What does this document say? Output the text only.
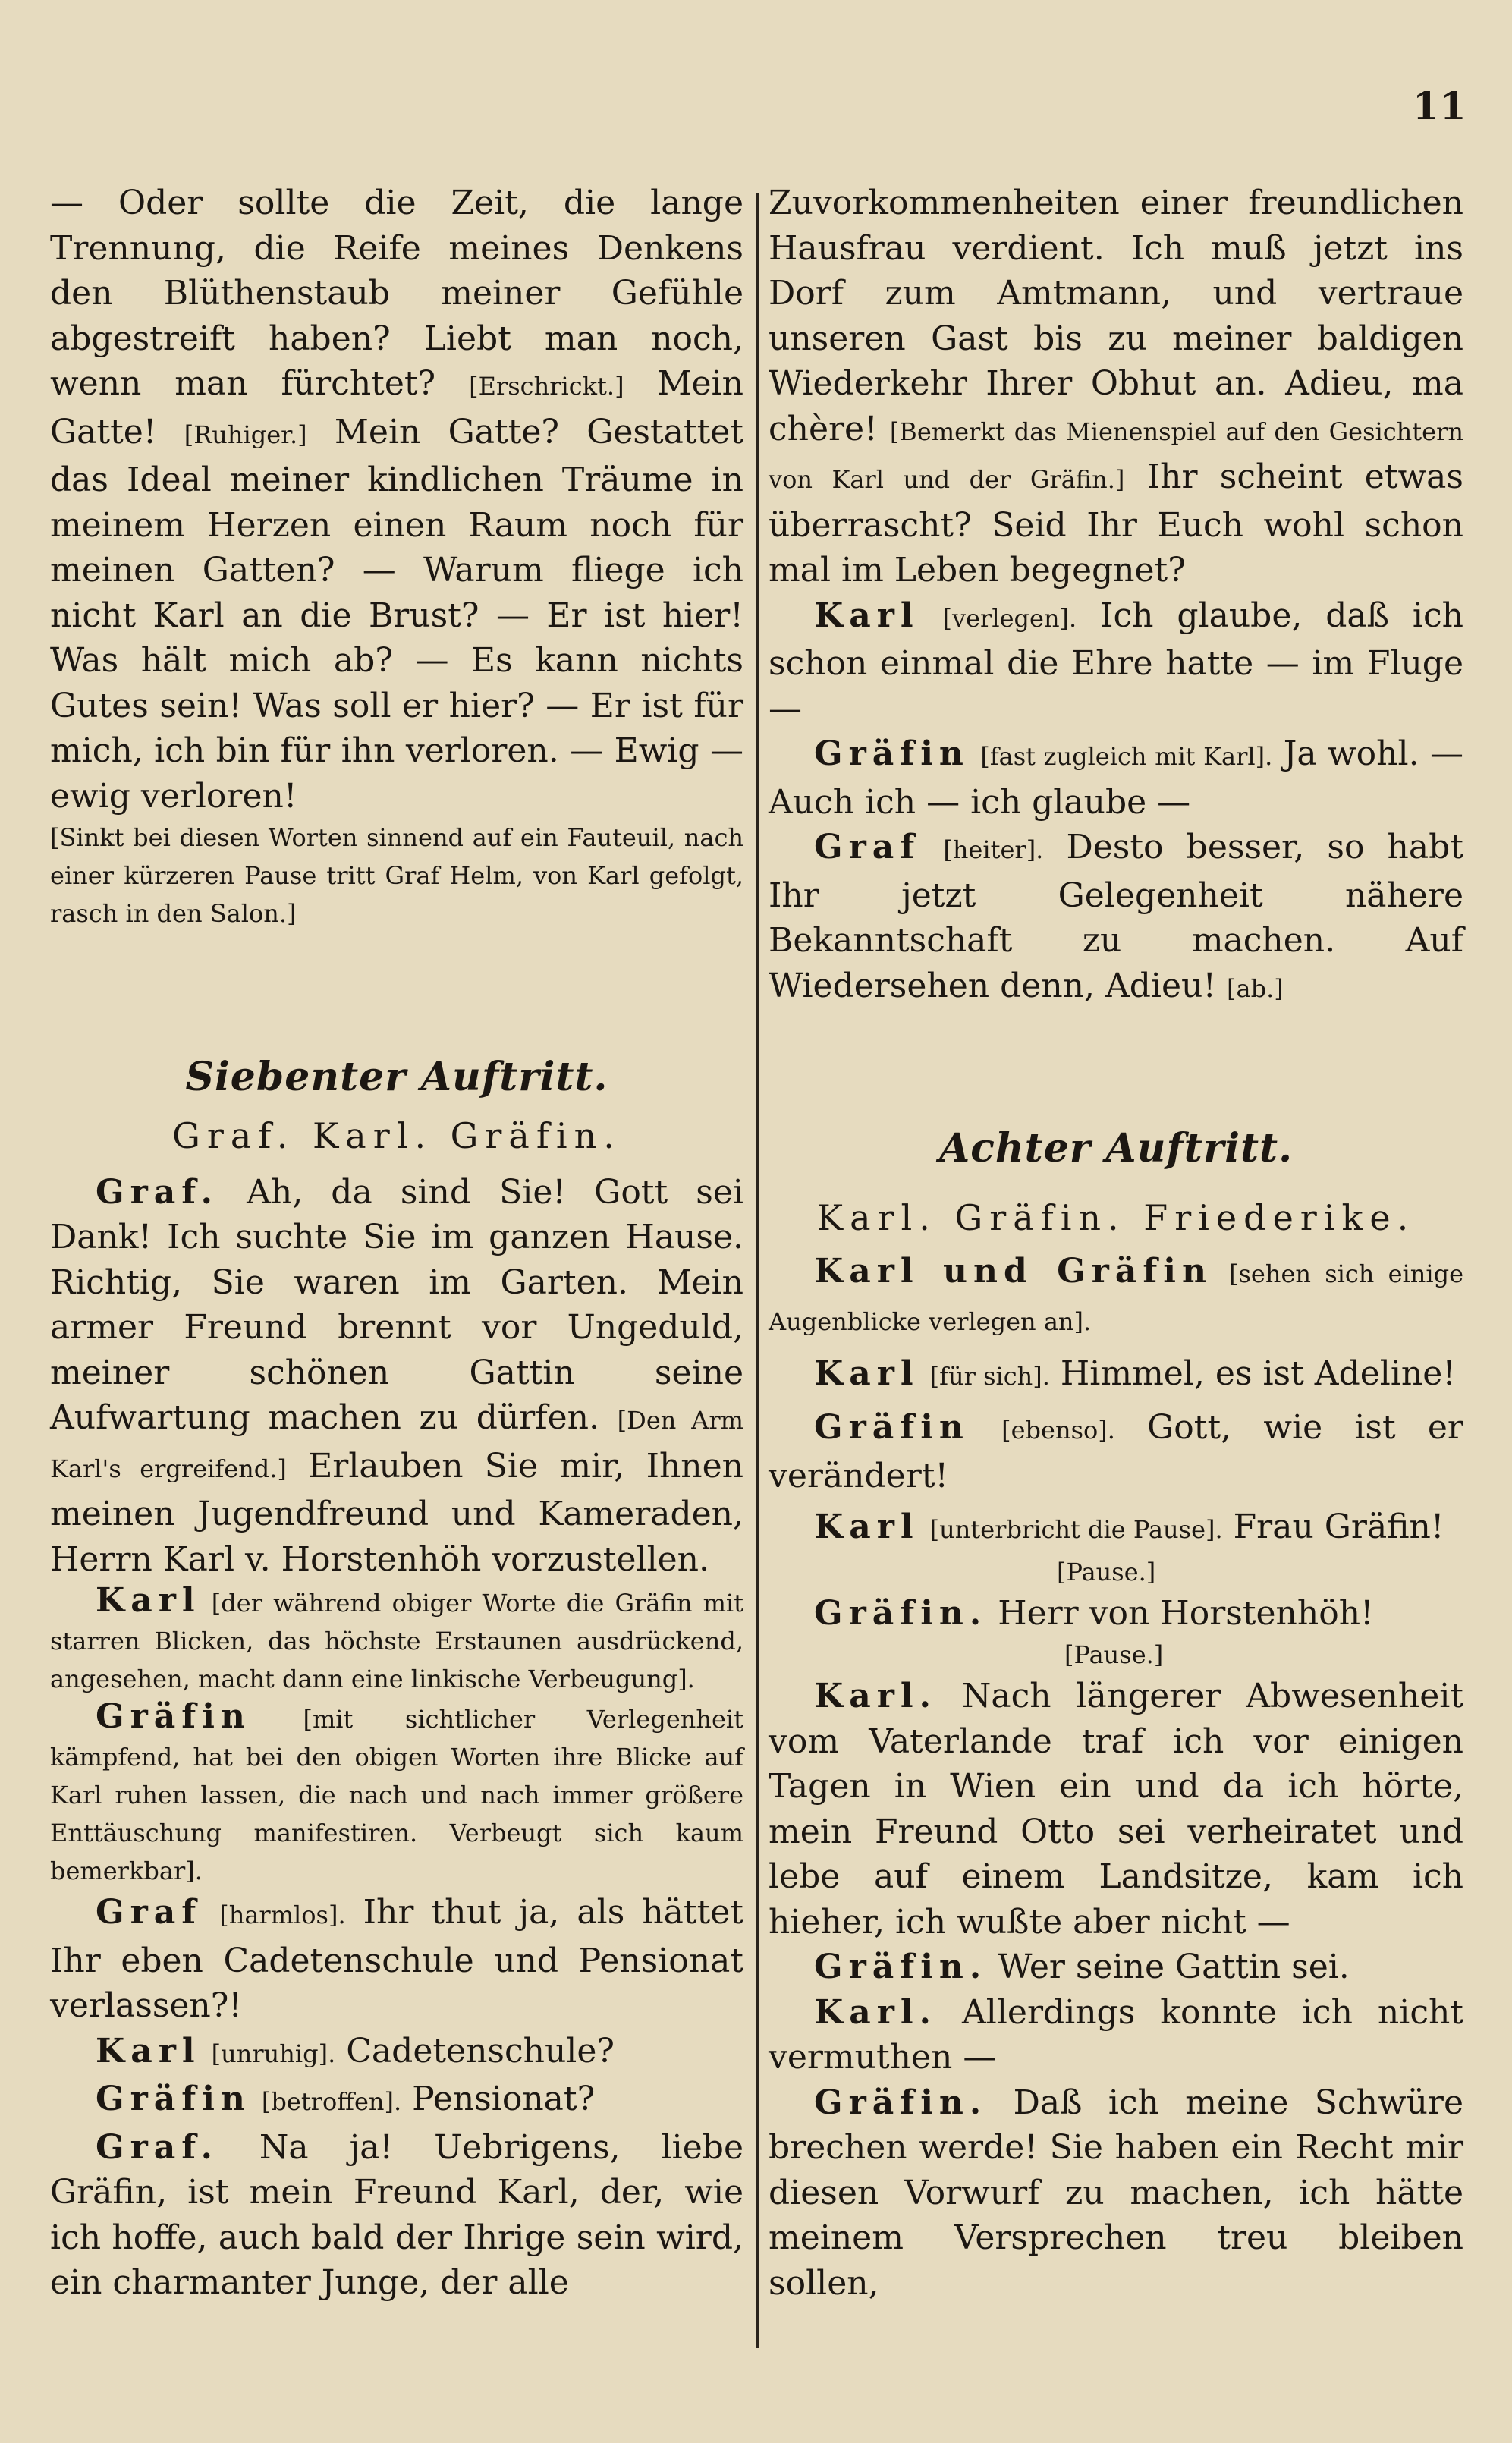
11

— Oder sollte die Zeit, die lange Trennung, die Reife meines Denkens den Blüthenstaub meiner Gefühle abgestreift haben? Liebt man noch, wenn man fürchtet? [Erschrickt.] Mein Gatte! [Ruhiger.] Mein Gatte? Gestattet das Ideal meiner kindlichen Träume in meinem Herzen einen Raum noch für meinen Gatten? — Warum fliege ich nicht Karl an die Brust? — Er ist hier! Was hält mich ab? — Es kann nichts Gutes sein! Was soll er hier? — Er ist für mich, ich bin für ihn verloren. — Ewig — ewig verloren!

[Sinkt bei diesen Worten sinnend auf ein Fauteuil, nach einer kürzeren Pause tritt Graf Helm, von Karl gefolgt, rasch in den Salon.]

Siebenter Auftritt.

Graf. Karl. Gräfin.

Graf. Ah, da sind Sie! Gott sei Dank! Ich suchte Sie im ganzen Hause. Richtig, Sie waren im Garten. Mein armer Freund brennt vor Ungeduld, meiner schönen Gattin seine Aufwartung machen zu dürfen. [Den Arm Karl's ergreifend.] Erlauben Sie mir, Ihnen meinen Jugendfreund und Kameraden, Herrn Karl v. Horstenhöh vorzustellen.

Karl [der während obiger Worte die Gräfin mit starren Blicken, das höchste Erstaunen ausdrückend, angesehen, macht dann eine linkische Verbeugung].

Gräfin [mit sichtlicher Verlegenheit kämpfend, hat bei den obigen Worten ihre Blicke auf Karl ruhen lassen, die nach und nach immer größere Enttäuschung manifestiren. Verbeugt sich kaum bemerkbar].

Graf [harmlos]. Ihr thut ja, als hättet Ihr eben Cadetenschule und Pensionat verlassen?!

Karl [unruhig]. Cadetenschule?

Gräfin [betroffen]. Pensionat?

Graf. Na ja! Uebrigens, liebe Gräfin, ist mein Freund Karl, der, wie ich hoffe, auch bald der Ihrige sein wird, ein charmanter Junge, der alle

Zuvorkommenheiten einer freundlichen Hausfrau verdient. Ich muß jetzt ins Dorf zum Amtmann, und vertraue unseren Gast bis zu meiner baldigen Wiederkehr Ihrer Obhut an. Adieu, ma chère! [Bemerkt das Mienenspiel auf den Gesichtern von Karl und der Gräfin.] Ihr scheint etwas überrascht? Seid Ihr Euch wohl schon mal im Leben begegnet?

Karl [verlegen]. Ich glaube, daß ich schon einmal die Ehre hatte — im Fluge —

Gräfin [fast zugleich mit Karl]. Ja wohl. — Auch ich — ich glaube —

Graf [heiter]. Desto besser, so habt Ihr jetzt Gelegenheit nähere Bekanntschaft zu machen. Auf Wiedersehen denn, Adieu! [ab.]

Achter Auftritt.

Karl. Gräfin. Friederike.

Karl und Gräfin [sehen sich einige Augenblicke verlegen an].

Karl [für sich]. Himmel, es ist Adeline!

Gräfin [ebenso]. Gott, wie ist er verändert!

Karl [unterbricht die Pause]. Frau Gräfin!

[Pause.]

Gräfin. Herr von Horstenhöh!

[Pause.]

Karl. Nach längerer Abwesenheit vom Vaterlande traf ich vor einigen Tagen in Wien ein und da ich hörte, mein Freund Otto sei verheiratet und lebe auf einem Landsitze, kam ich hieher, ich wußte aber nicht —

Gräfin. Wer seine Gattin sei.

Karl. Allerdings konnte ich nicht vermuthen —

Gräfin. Daß ich meine Schwüre brechen werde! Sie haben ein Recht mir diesen Vorwurf zu machen, ich hätte meinem Versprechen treu bleiben sollen,
